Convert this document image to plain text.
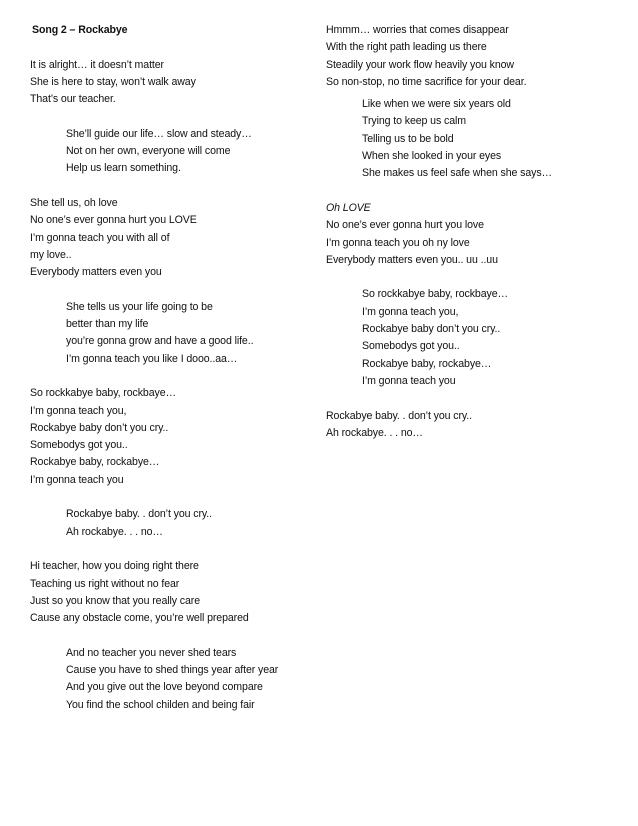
Song 2 – Rockabye
It is alright… it doesn’t matter
She is here to stay, won’t walk away
That’s our teacher.
She’ll guide our life… slow and steady…
Not on her own, everyone will come
Help us learn something.
She tell us, oh love
No one’s ever gonna hurt you LOVE
I’m gonna teach you with all of
my love..
Everybody matters even you
She tells us your life going to be
better than my life
you’re gonna grow and have a good life..
I’m gonna teach you like I dooo..aa…
So rockkabye baby, rockbaye…
I’m gonna teach you,
Rockabye baby don’t you cry..
Somebodys got you..
Rockabye baby, rockabye…
I’m gonna teach you
Rockabye baby. . don’t you cry..
Ah rockabye. . . no…
Hi teacher, how you doing right there
Teaching us right without no fear
Just so you know that you really care
Cause any obstacle come, you’re well prepared
And no teacher you never shed tears
Cause you have to shed things year after year
And you give out the love beyond compare
You find the school childen and being fair
Hmmm… worries that comes disappear
With the right path leading us there
Steadily your work flow heavily you know
So non-stop, no time sacrifice for your dear.
Like when we were six years old
Trying to keep us calm
Telling us to be bold
When she looked in your eyes
She makes us feel safe when she says…
Oh LOVE
No one’s ever gonna hurt you love
I’m gonna teach you oh ny love
Everybody matters even you.. uu ..uu
So rockkabye baby, rockbaye…
I’m gonna teach you,
Rockabye baby don’t you cry..
Somebodys got you..
Rockabye baby, rockabye…
I’m gonna teach you
Rockabye baby. . don’t you cry..
Ah rockabye. . . no…
